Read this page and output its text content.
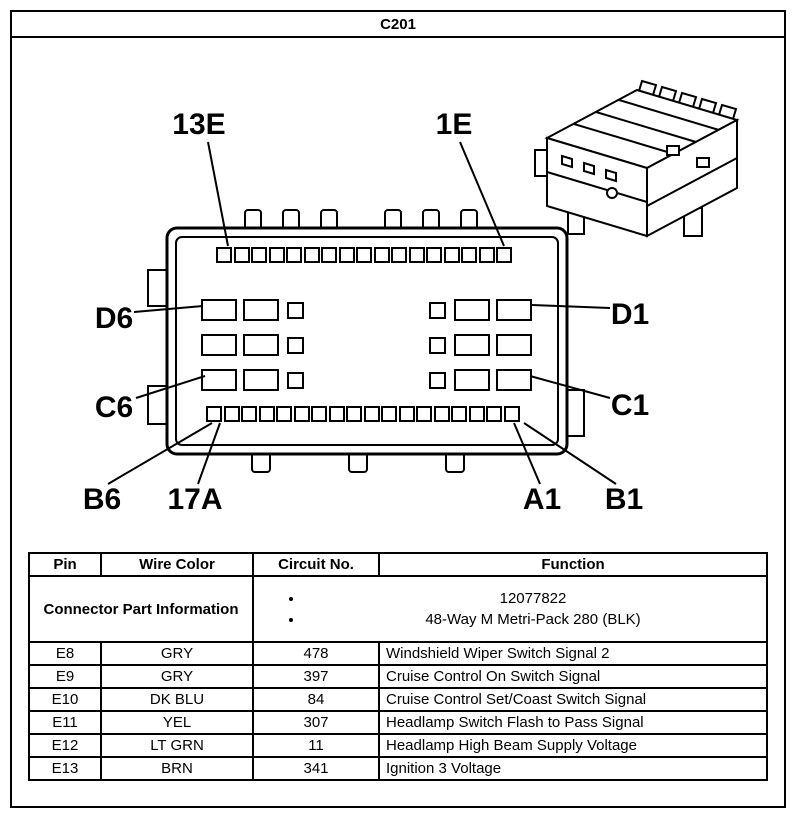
C201
13E	1E
D6	D1
C6	C1
B6 17A	A1 B1
Connector Part Information	
• 12077822
• 48-Way M Metri-Pack 280 (BLK)

Pin	Wire Color	Circuit No.	Function
E8	GRY	478	Windshield Wiper Switch Signal 2
E9	GRY	397	Cruise Control On Switch Signal
E10	DK BLU	84	Cruise Control Set/Coast Switch Signal
E11	YEL	307	Headlamp Switch Flash to Pass Signal
E12	LT GRN	11	Headlamp High Beam Supply Voltage
E13	BRN	341	Ignition 3 Voltage
